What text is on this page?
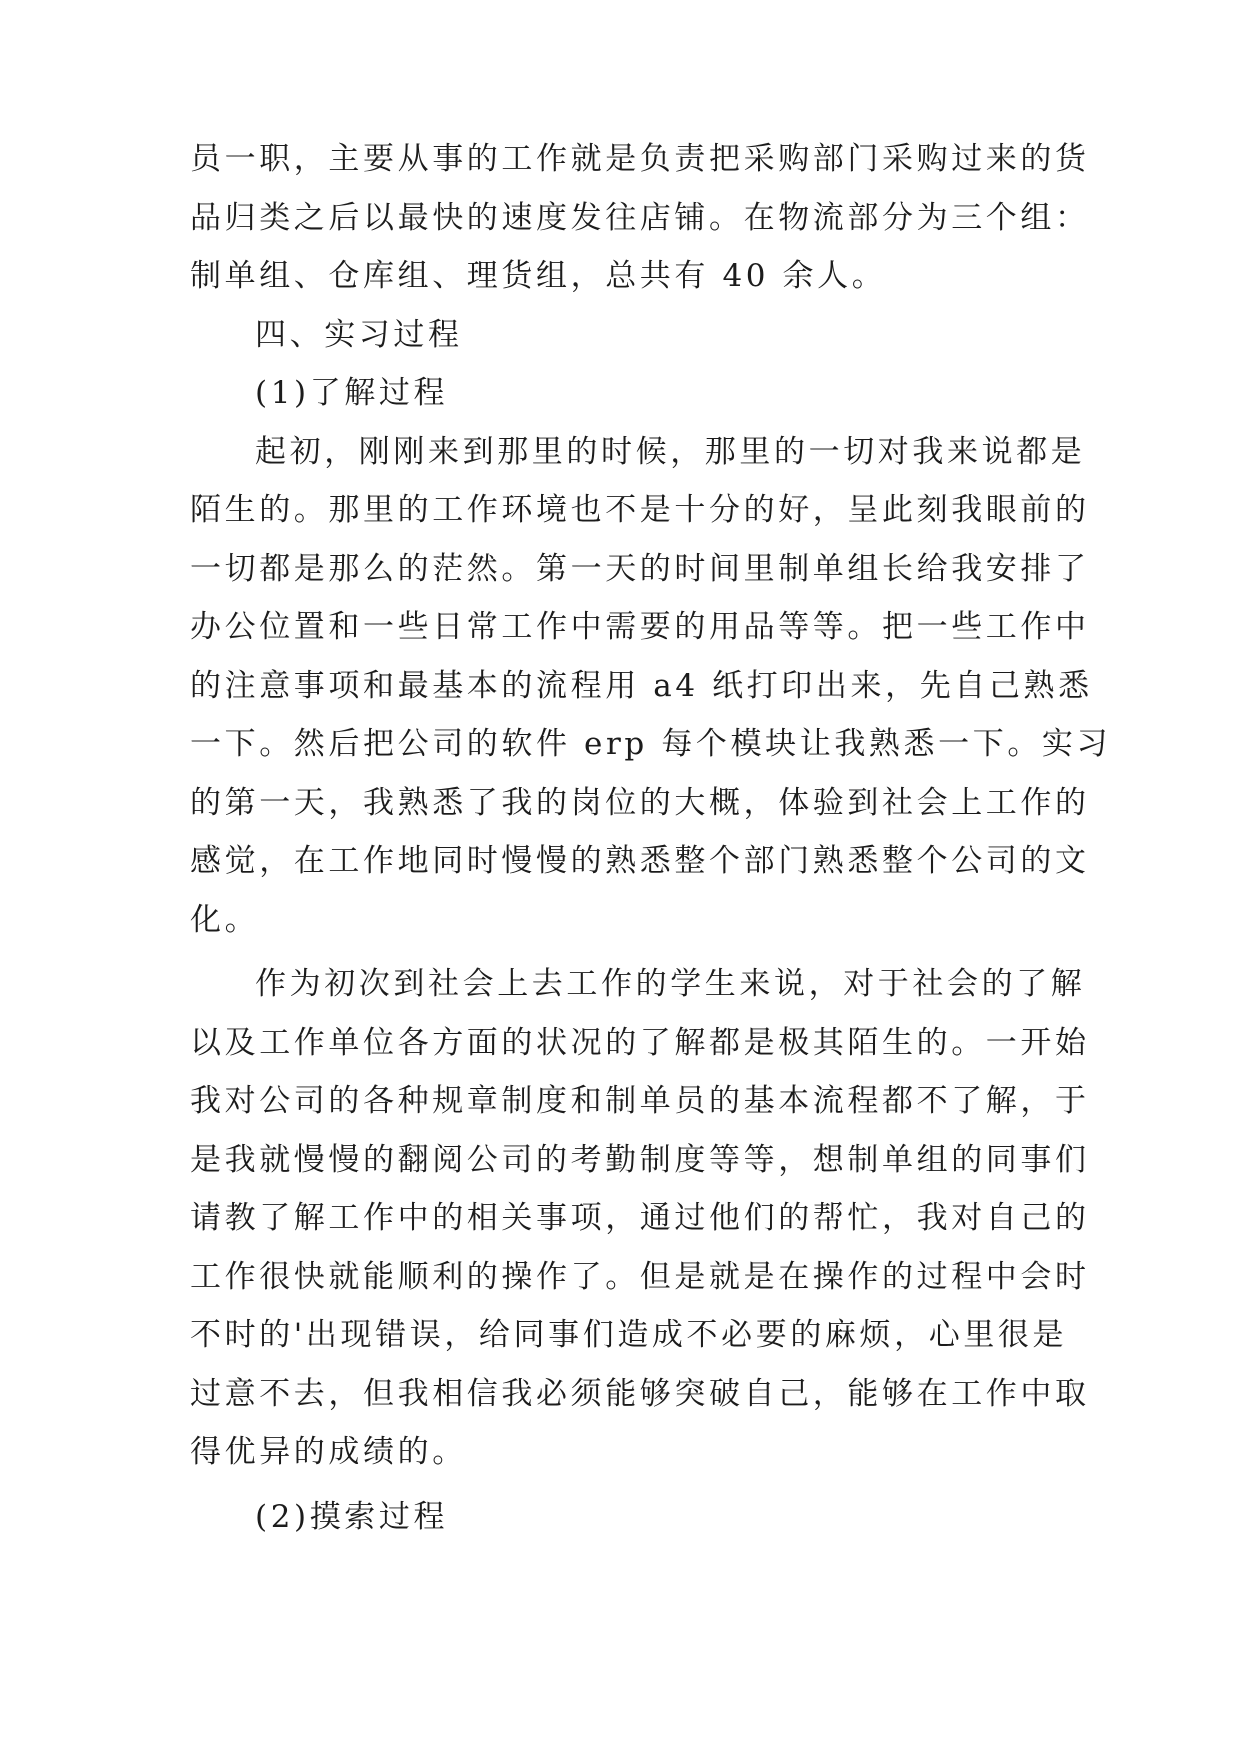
员一职，主要从事的工作就是负责把采购部门采购过来的货
品归类之后以最快的速度发往店铺。在物流部分为三个组：
制单组、仓库组、理货组，总共有 40 余人。
四、实习过程
(1)了解过程
起初，刚刚来到那里的时候，那里的一切对我来说都是
陌生的。那里的工作环境也不是十分的好，呈此刻我眼前的
一切都是那么的茫然。第一天的时间里制单组长给我安排了
办公位置和一些日常工作中需要的用品等等。把一些工作中
的注意事项和最基本的流程用 a4 纸打印出来，先自己熟悉
一下。然后把公司的软件 erp 每个模块让我熟悉一下。实习
的第一天，我熟悉了我的岗位的大概，体验到社会上工作的
感觉，在工作地同时慢慢的熟悉整个部门熟悉整个公司的文
化。
作为初次到社会上去工作的学生来说，对于社会的了解
以及工作单位各方面的状况的了解都是极其陌生的。一开始
我对公司的各种规章制度和制单员的基本流程都不了解，于
是我就慢慢的翻阅公司的考勤制度等等，想制单组的同事们
请教了解工作中的相关事项，通过他们的帮忙，我对自己的
工作很快就能顺利的操作了。但是就是在操作的过程中会时
不时的'出现错误，给同事们造成不必要的麻烦，心里很是
过意不去，但我相信我必须能够突破自己，能够在工作中取
得优异的成绩的。
(2)摸索过程
